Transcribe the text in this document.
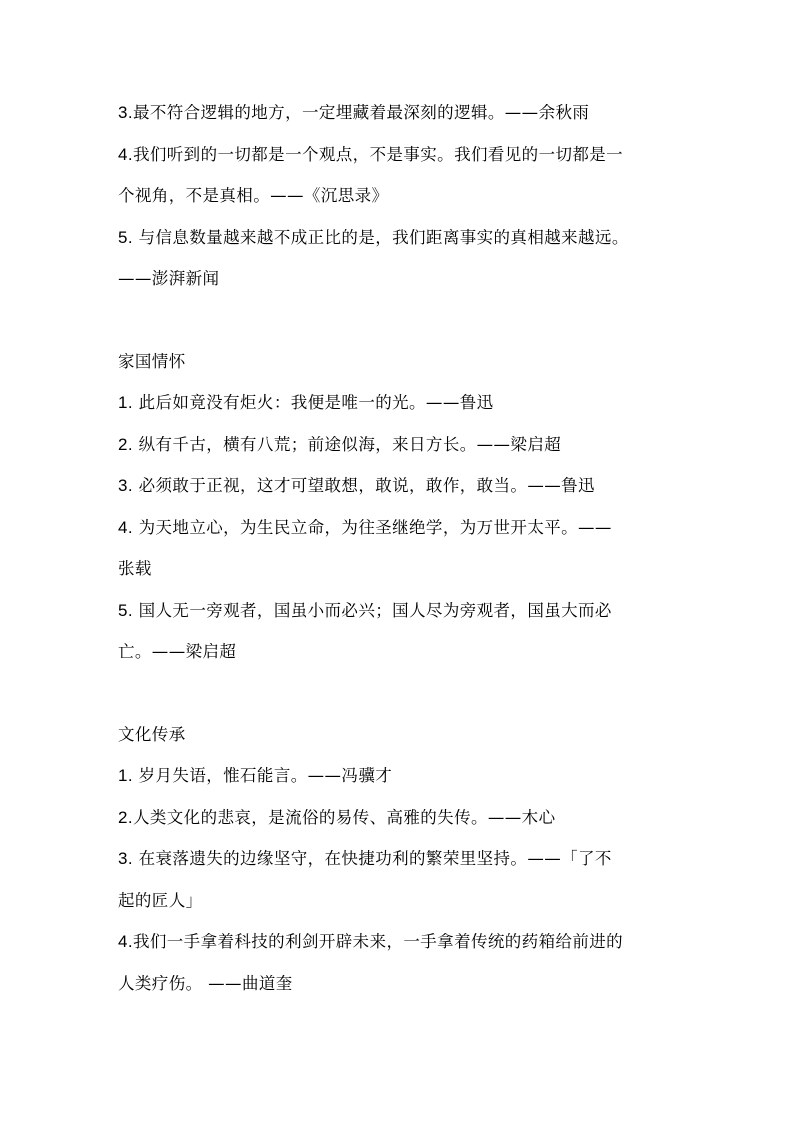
3.最不符合逻辑的地方，一定埋藏着最深刻的逻辑。——余秋雨

4.我们听到的一切都是一个观点，不是事实。我们看见的一切都是一

个视角，不是真相。——《沉思录》

5. 与信息数量越来越不成正比的是，我们距离事实的真相越来越远。

——澎湃新闻

家国情怀

1. 此后如竟没有炬火：我便是唯一的光。——鲁迅

2. 纵有千古，横有八荒；前途似海，来日方长。——梁启超

3. 必须敢于正视，这才可望敢想，敢说，敢作，敢当。——鲁迅

4. 为天地立心，为生民立命，为往圣继绝学，为万世开太平。——

张载

5. 国人无一旁观者，国虽小而必兴；国人尽为旁观者，国虽大而必

亡。——梁启超

文化传承

1. 岁月失语，惟石能言。——冯骥才

2.人类文化的悲哀，是流俗的易传、高雅的失传。——木心

3. 在衰落遗失的边缘坚守，在快捷功利的繁荣里坚持。——「了不

起的匠人」

4.我们一手拿着科技的利剑开辟未来，一手拿着传统的药箱给前进的

人类疗伤。 ——曲道奎
